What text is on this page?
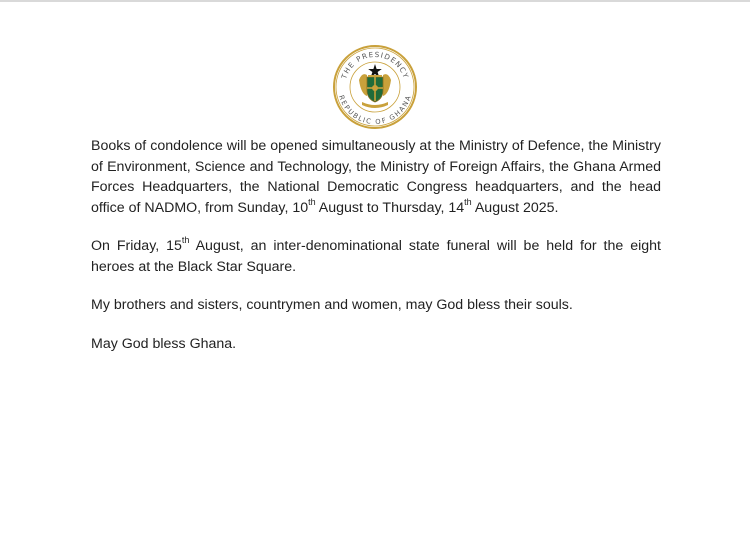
THE PRESIDENCY
REPUBLIC OF GHANA

Books of condolence will be opened simultaneously at the Ministry of Defence, the Ministry of Environment, Science and Technology, the Ministry of Foreign Affairs, the Ghana Armed Forces Headquarters, the National Democratic Congress headquarters, and the head office of NADMO, from Sunday, 10th August to Thursday, 14th August 2025.

On Friday, 15th August, an inter-denominational state funeral will be held for the eight heroes at the Black Star Square.

My brothers and sisters, countrymen and women, may God bless their souls.

May God bless Ghana.
